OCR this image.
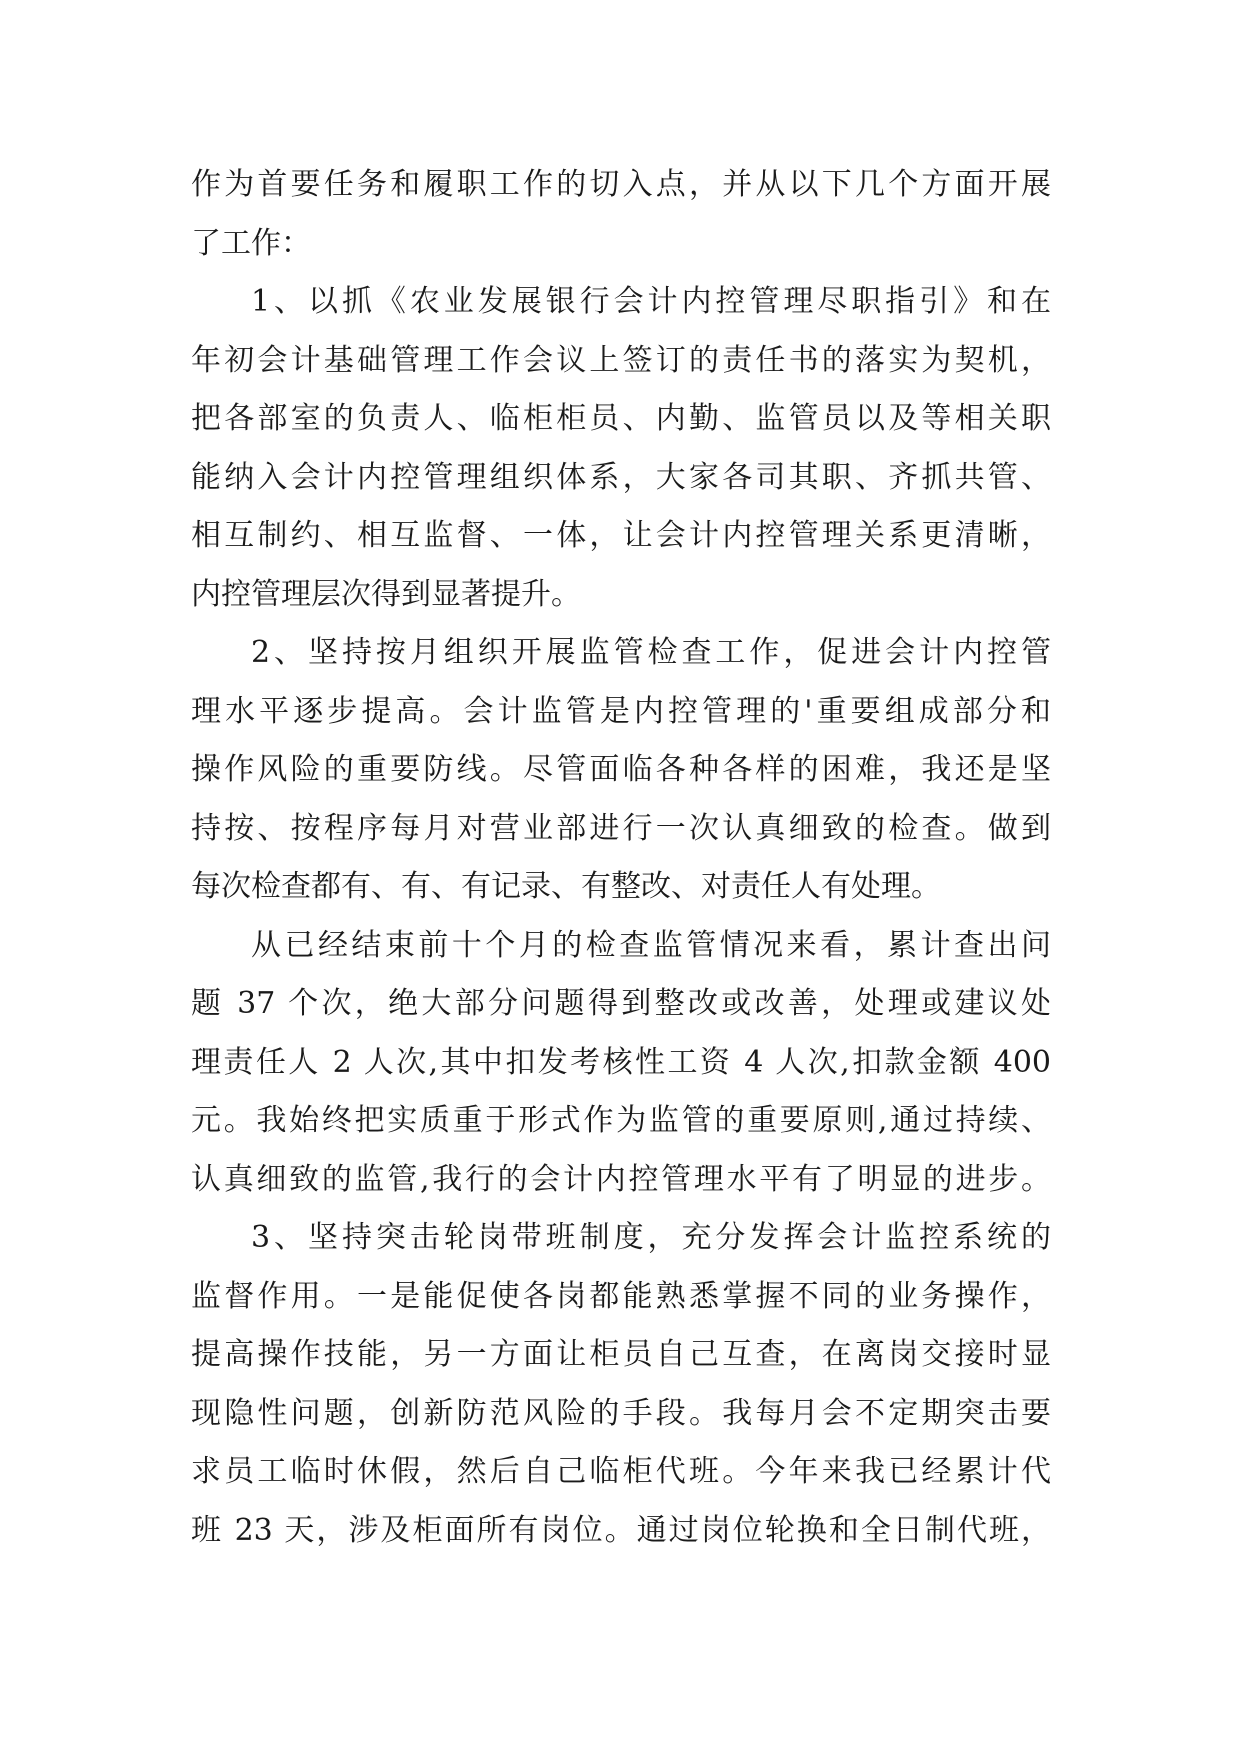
作为首要任务和履职工作的切入点，并从以下几个方面开展
了工作：
1、以抓《农业发展银行会计内控管理尽职指引》和在
年初会计基础管理工作会议上签订的责任书的落实为契机，
把各部室的负责人、临柜柜员、内勤、监管员以及等相关职
能纳入会计内控管理组织体系，大家各司其职、齐抓共管、
相互制约、相互监督、一体，让会计内控管理关系更清晰，
内控管理层次得到显著提升。
2、坚持按月组织开展监管检查工作，促进会计内控管
理水平逐步提高。会计监管是内控管理的'重要组成部分和
操作风险的重要防线。尽管面临各种各样的困难，我还是坚
持按、按程序每月对营业部进行一次认真细致的检查。做到
每次检查都有、有、有记录、有整改、对责任人有处理。
从已经结束前十个月的检查监管情况来看，累计查出问
题 37 个次，绝大部分问题得到整改或改善，处理或建议处
理责任人 2 人次,其中扣发考核性工资 4 人次,扣款金额 400
元。我始终把实质重于形式作为监管的重要原则,通过持续、
认真细致的监管,我行的会计内控管理水平有了明显的进步。
3、坚持突击轮岗带班制度，充分发挥会计监控系统的
监督作用。一是能促使各岗都能熟悉掌握不同的业务操作，
提高操作技能，另一方面让柜员自己互查，在离岗交接时显
现隐性问题，创新防范风险的手段。我每月会不定期突击要
求员工临时休假，然后自己临柜代班。今年来我已经累计代
班 23 天，涉及柜面所有岗位。通过岗位轮换和全日制代班，
